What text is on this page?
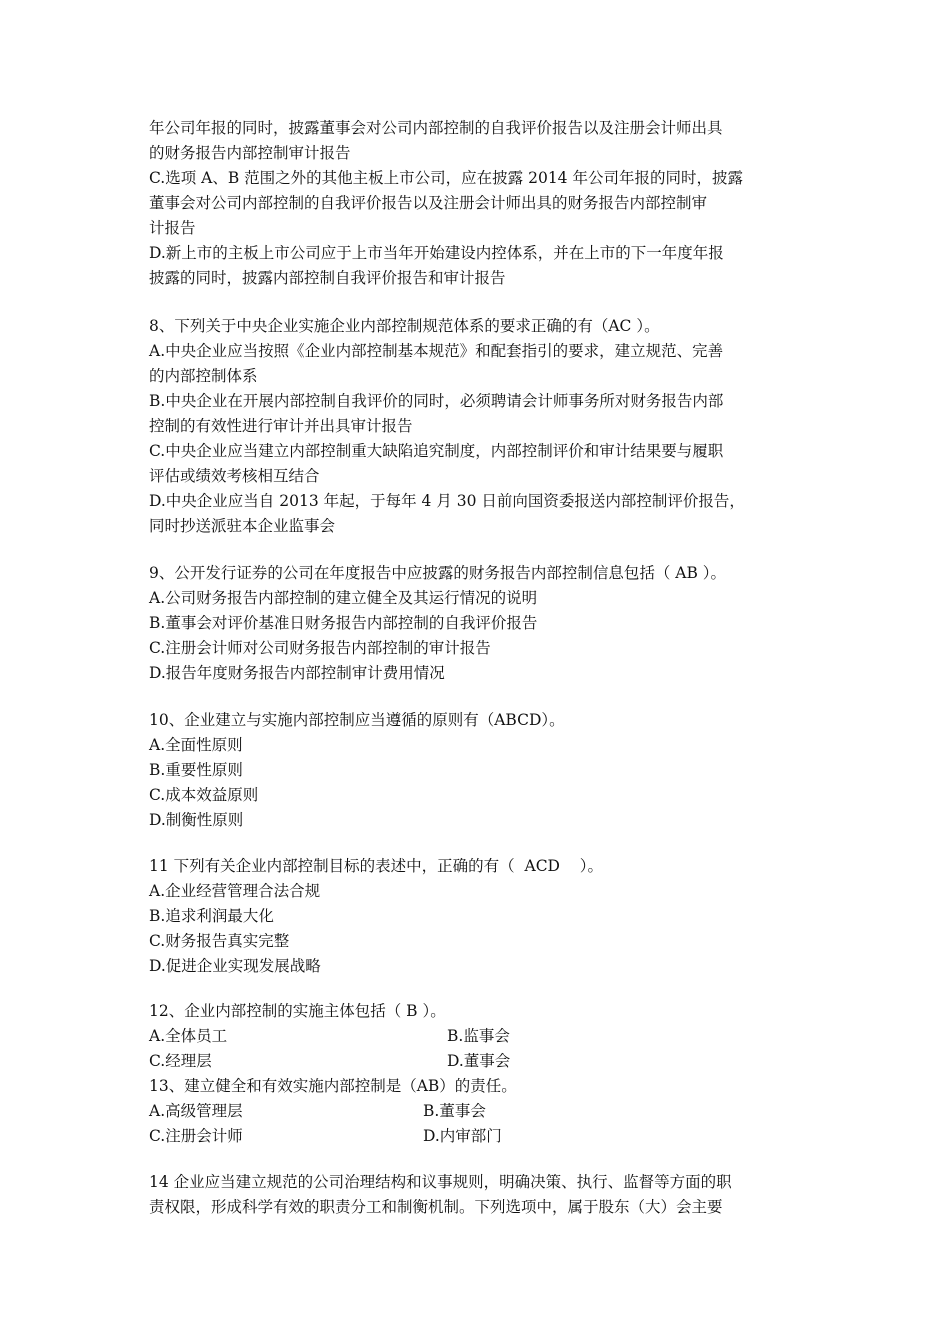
年公司年报的同时，披露董事会对公司内部控制的自我评价报告以及注册会计师出具
的财务报告内部控制审计报告
C.选项 A、B 范围之外的其他主板上市公司，应在披露 2014 年公司年报的同时，披露
董事会对公司内部控制的自我评价报告以及注册会计师出具的财务报告内部控制审
计报告
D.新上市的主板上市公司应于上市当年开始建设内控体系，并在上市的下一年度年报
披露的同时，披露内部控制自我评价报告和审计报告
8、下列关于中央企业实施企业内部控制规范体系的要求正确的有（AC ）。
A.中央企业应当按照《企业内部控制基本规范》和配套指引的要求，建立规范、完善
的内部控制体系
B.中央企业在开展内部控制自我评价的同时，必须聘请会计师事务所对财务报告内部
控制的有效性进行审计并出具审计报告
C.中央企业应当建立内部控制重大缺陷追究制度，内部控制评价和审计结果要与履职
评估或绩效考核相互结合
D.中央企业应当自 2013 年起，于每年 4 月 30 日前向国资委报送内部控制评价报告，
同时抄送派驻本企业监事会
9、公开发行证券的公司在年度报告中应披露的财务报告内部控制信息包括（ AB ）。
A.公司财务报告内部控制的建立健全及其运行情况的说明
B.董事会对评价基准日财务报告内部控制的自我评价报告
C.注册会计师对公司财务报告内部控制的审计报告
D.报告年度财务报告内部控制审计费用情况
10、企业建立与实施内部控制应当遵循的原则有（ABCD）。
A.全面性原则
B.重要性原则
C.成本效益原则
D.制衡性原则
11 下列有关企业内部控制目标的表述中，正确的有（  ACD    ）。
A.企业经营管理合法合规
B.追求利润最大化
C.财务报告真实完整
D.促进企业实现发展战略
12、企业内部控制的实施主体包括（ B ）。
A.全体员工	B.监事会
C.经理层	D.董事会
13、建立健全和有效实施内部控制是（AB）的责任。
A.高级管理层	B.董事会
C.注册会计师	D.内审部门
14 企业应当建立规范的公司治理结构和议事规则，明确决策、执行、监督等方面的职
责权限，形成科学有效的职责分工和制衡机制。下列选项中，属于股东（大）会主要
